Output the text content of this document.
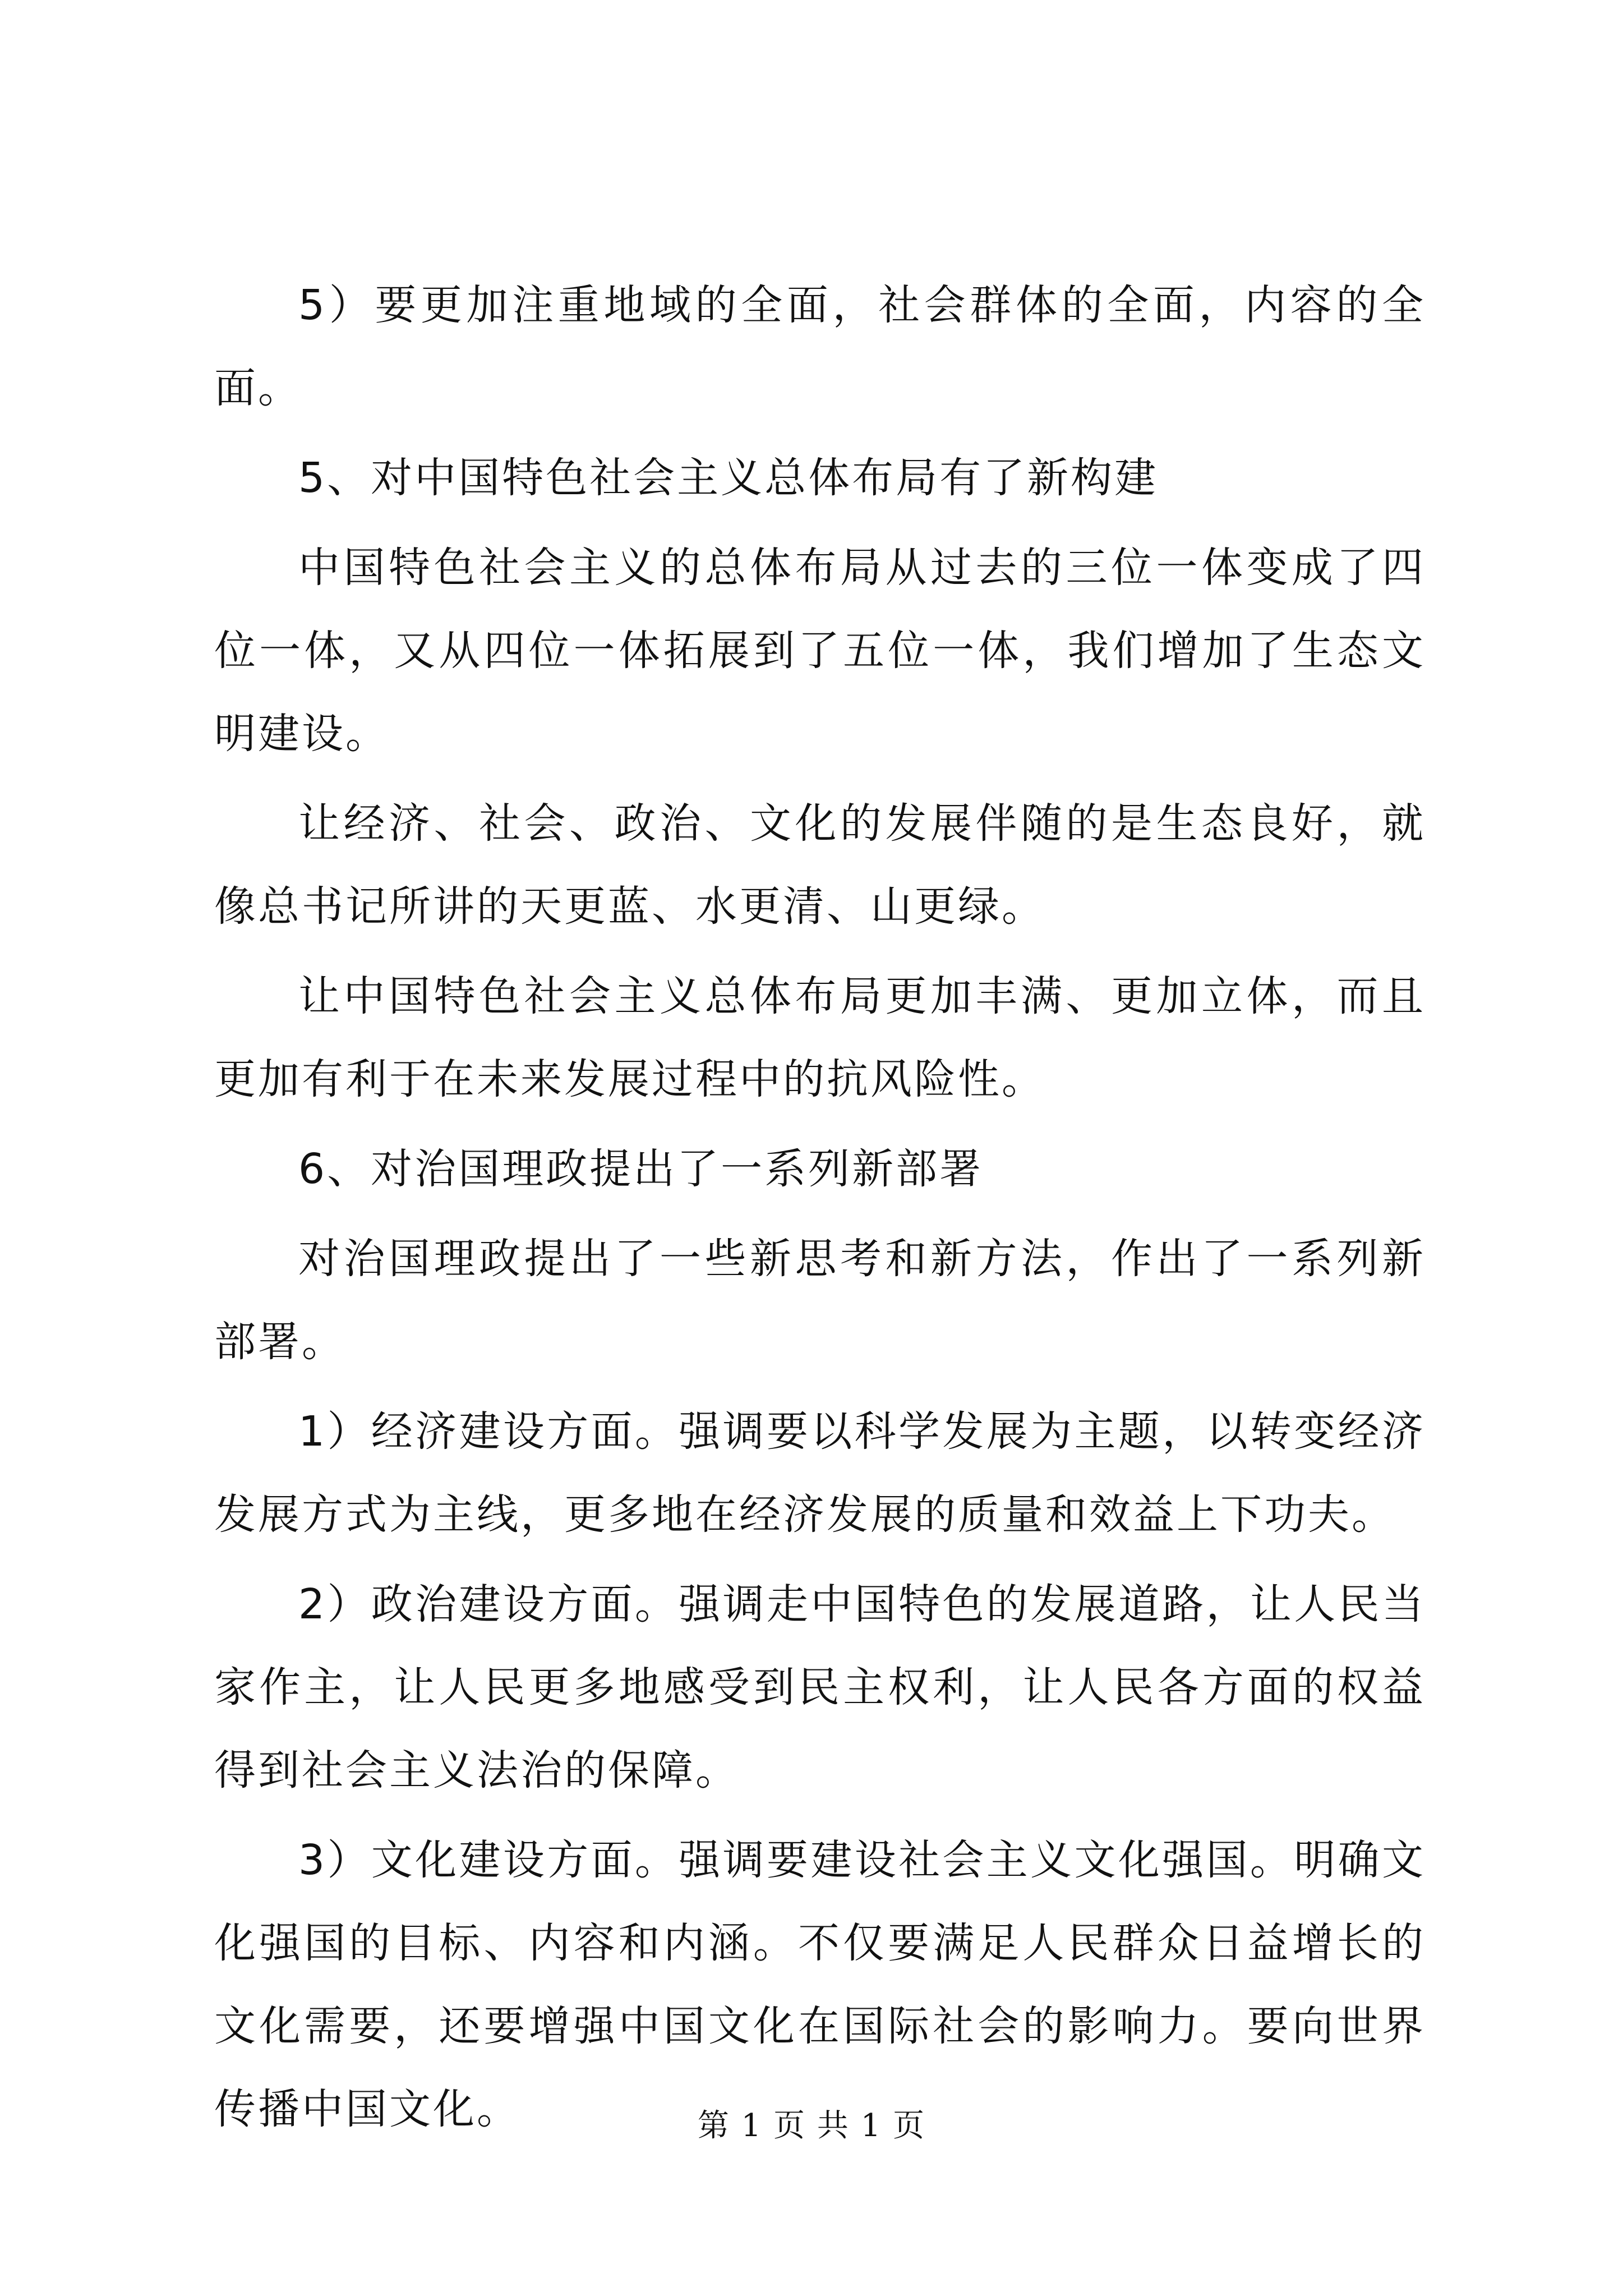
5）要更加注重地域的全面，社会群体的全面，内容的全面。

5、对中国特色社会主义总体布局有了新构建

中国特色社会主义的总体布局从过去的三位一体变成了四位一体，又从四位一体拓展到了五位一体，我们增加了生态文明建设。

让经济、社会、政治、文化的发展伴随的是生态良好，就像总书记所讲的天更蓝、水更清、山更绿。

让中国特色社会主义总体布局更加丰满、更加立体，而且更加有利于在未来发展过程中的抗风险性。

6、对治国理政提出了一系列新部署

对治国理政提出了一些新思考和新方法，作出了一系列新部署。

1）经济建设方面。强调要以科学发展为主题，以转变经济发展方式为主线，更多地在经济发展的质量和效益上下功夫。

2）政治建设方面。强调走中国特色的发展道路，让人民当家作主，让人民更多地感受到民主权利，让人民各方面的权益得到社会主义法治的保障。

3）文化建设方面。强调要建设社会主义文化强国。明确文化强国的目标、内容和内涵。不仅要满足人民群众日益增长的文化需要，还要增强中国文化在国际社会的影响力。要向世界传播中国文化。	第 1 页 共 1 页
